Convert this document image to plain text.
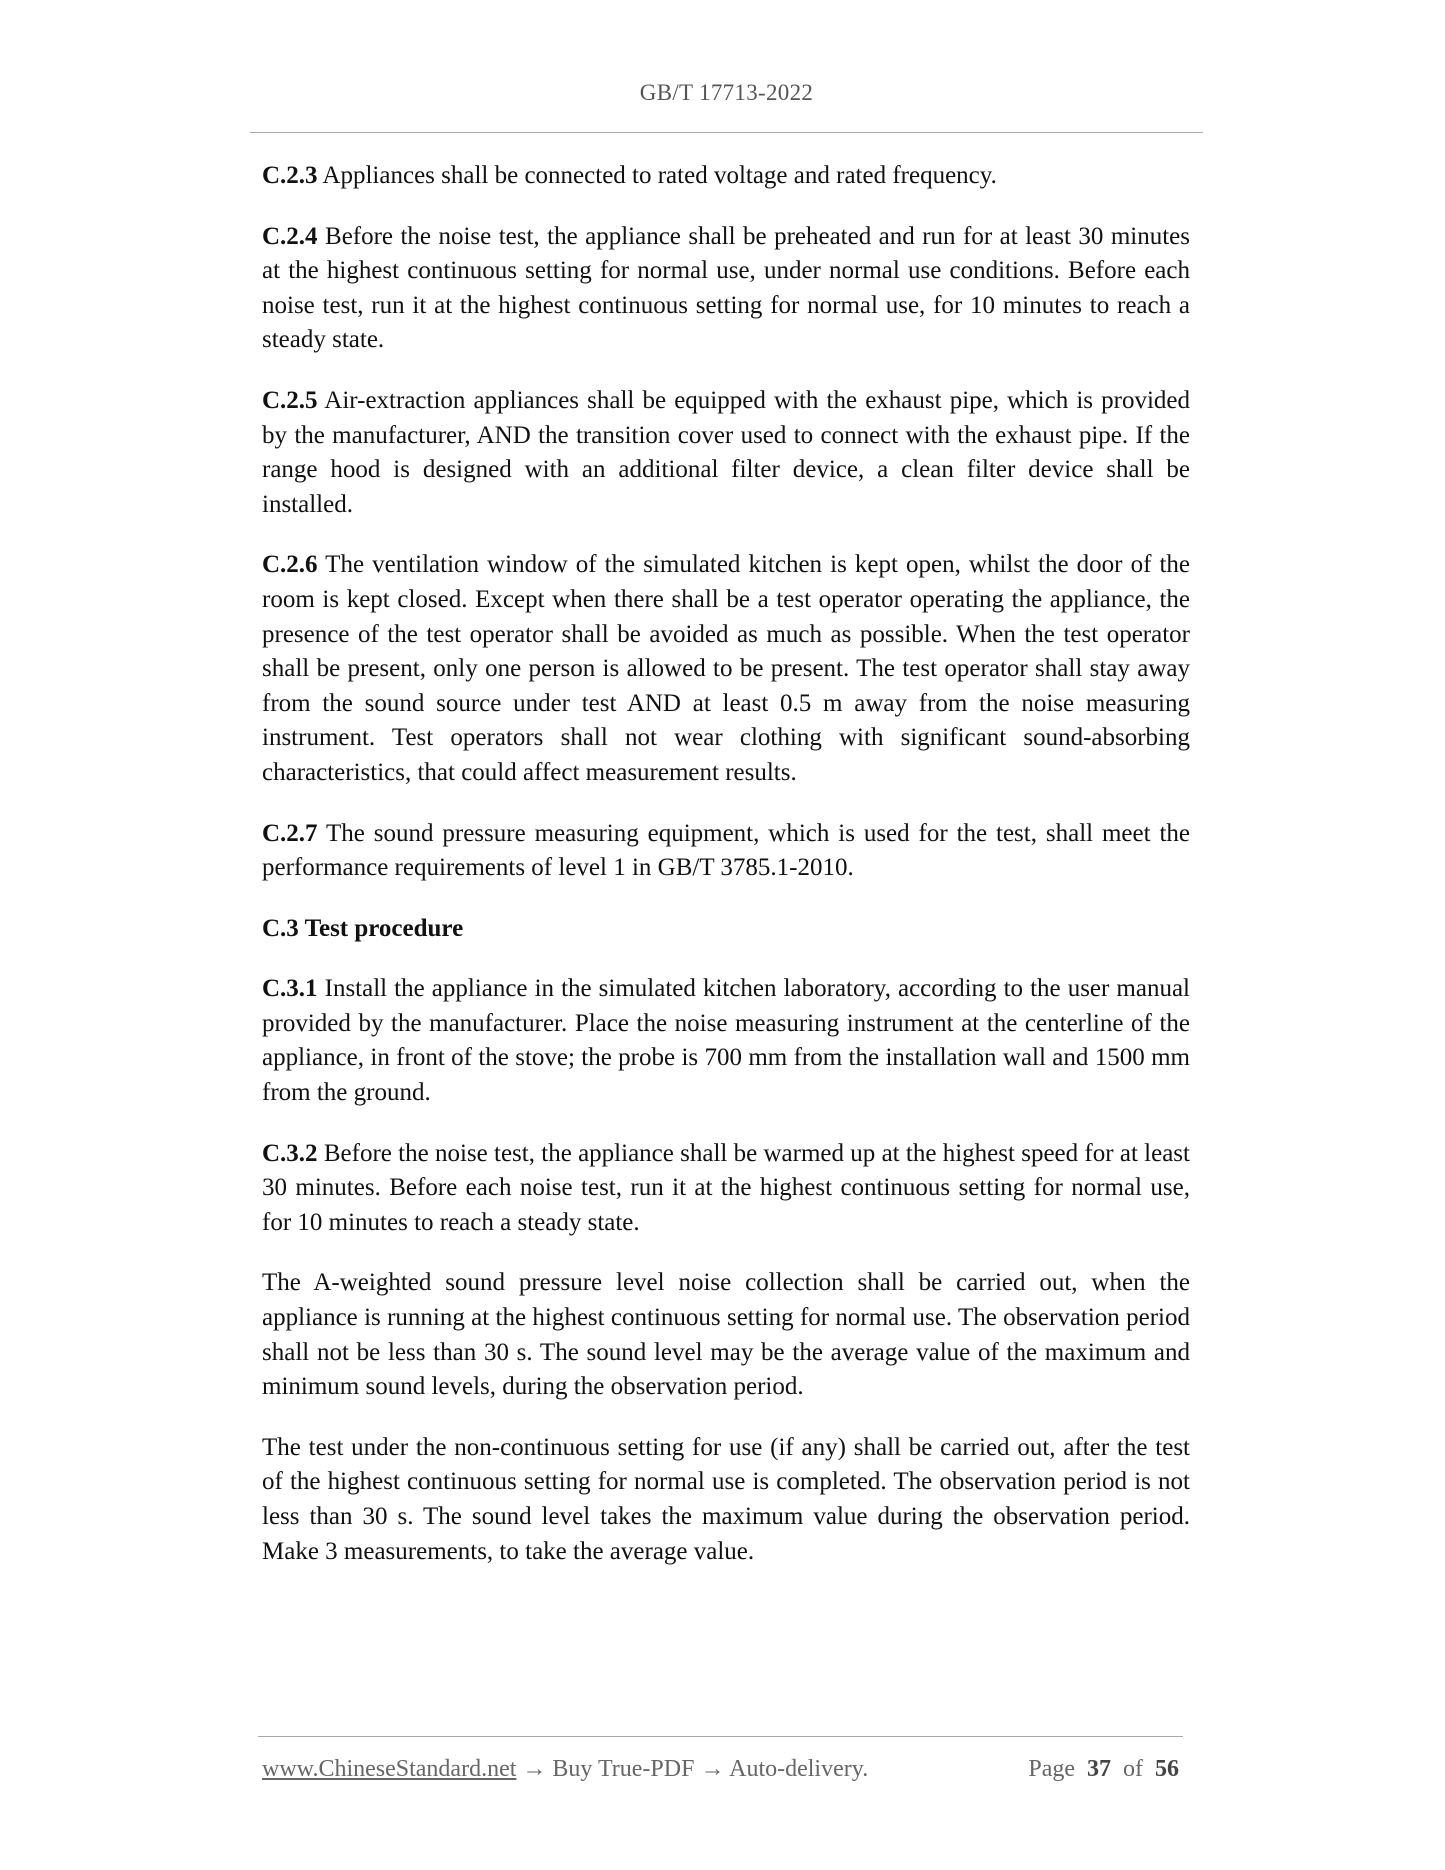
GB/T 17713-2022

C.2.3 Appliances shall be connected to rated voltage and rated frequency.

C.2.4 Before the noise test, the appliance shall be preheated and run for at least 30 minutes at the highest continuous setting for normal use, under normal use conditions. Before each noise test, run it at the highest continuous setting for normal use, for 10 minutes to reach a steady state.

C.2.5 Air-extraction appliances shall be equipped with the exhaust pipe, which is provided by the manufacturer, AND the transition cover used to connect with the exhaust pipe. If the range hood is designed with an additional filter device, a clean filter device shall be installed.

C.2.6 The ventilation window of the simulated kitchen is kept open, whilst the door of the room is kept closed. Except when there shall be a test operator operating the appliance, the presence of the test operator shall be avoided as much as possible. When the test operator shall be present, only one person is allowed to be present. The test operator shall stay away from the sound source under test AND at least 0.5 m away from the noise measuring instrument. Test operators shall not wear clothing with significant sound-absorbing characteristics, that could affect measurement results.

C.2.7 The sound pressure measuring equipment, which is used for the test, shall meet the performance requirements of level 1 in GB/T 3785.1-2010.

C.3 Test procedure

C.3.1 Install the appliance in the simulated kitchen laboratory, according to the user manual provided by the manufacturer. Place the noise measuring instrument at the centerline of the appliance, in front of the stove; the probe is 700 mm from the installation wall and 1500 mm from the ground.

C.3.2 Before the noise test, the appliance shall be warmed up at the highest speed for at least 30 minutes. Before each noise test, run it at the highest continuous setting for normal use, for 10 minutes to reach a steady state.

The A-weighted sound pressure level noise collection shall be carried out, when the appliance is running at the highest continuous setting for normal use. The observation period shall not be less than 30 s. The sound level may be the average value of the maximum and minimum sound levels, during the observation period.

The test under the non-continuous setting for use (if any) shall be carried out, after the test of the highest continuous setting for normal use is completed. The observation period is not less than 30 s. The sound level takes the maximum value during the observation period. Make 3 measurements, to take the average value.

www.ChineseStandard.net → Buy True-PDF → Auto-delivery.	Page 37 of 56
